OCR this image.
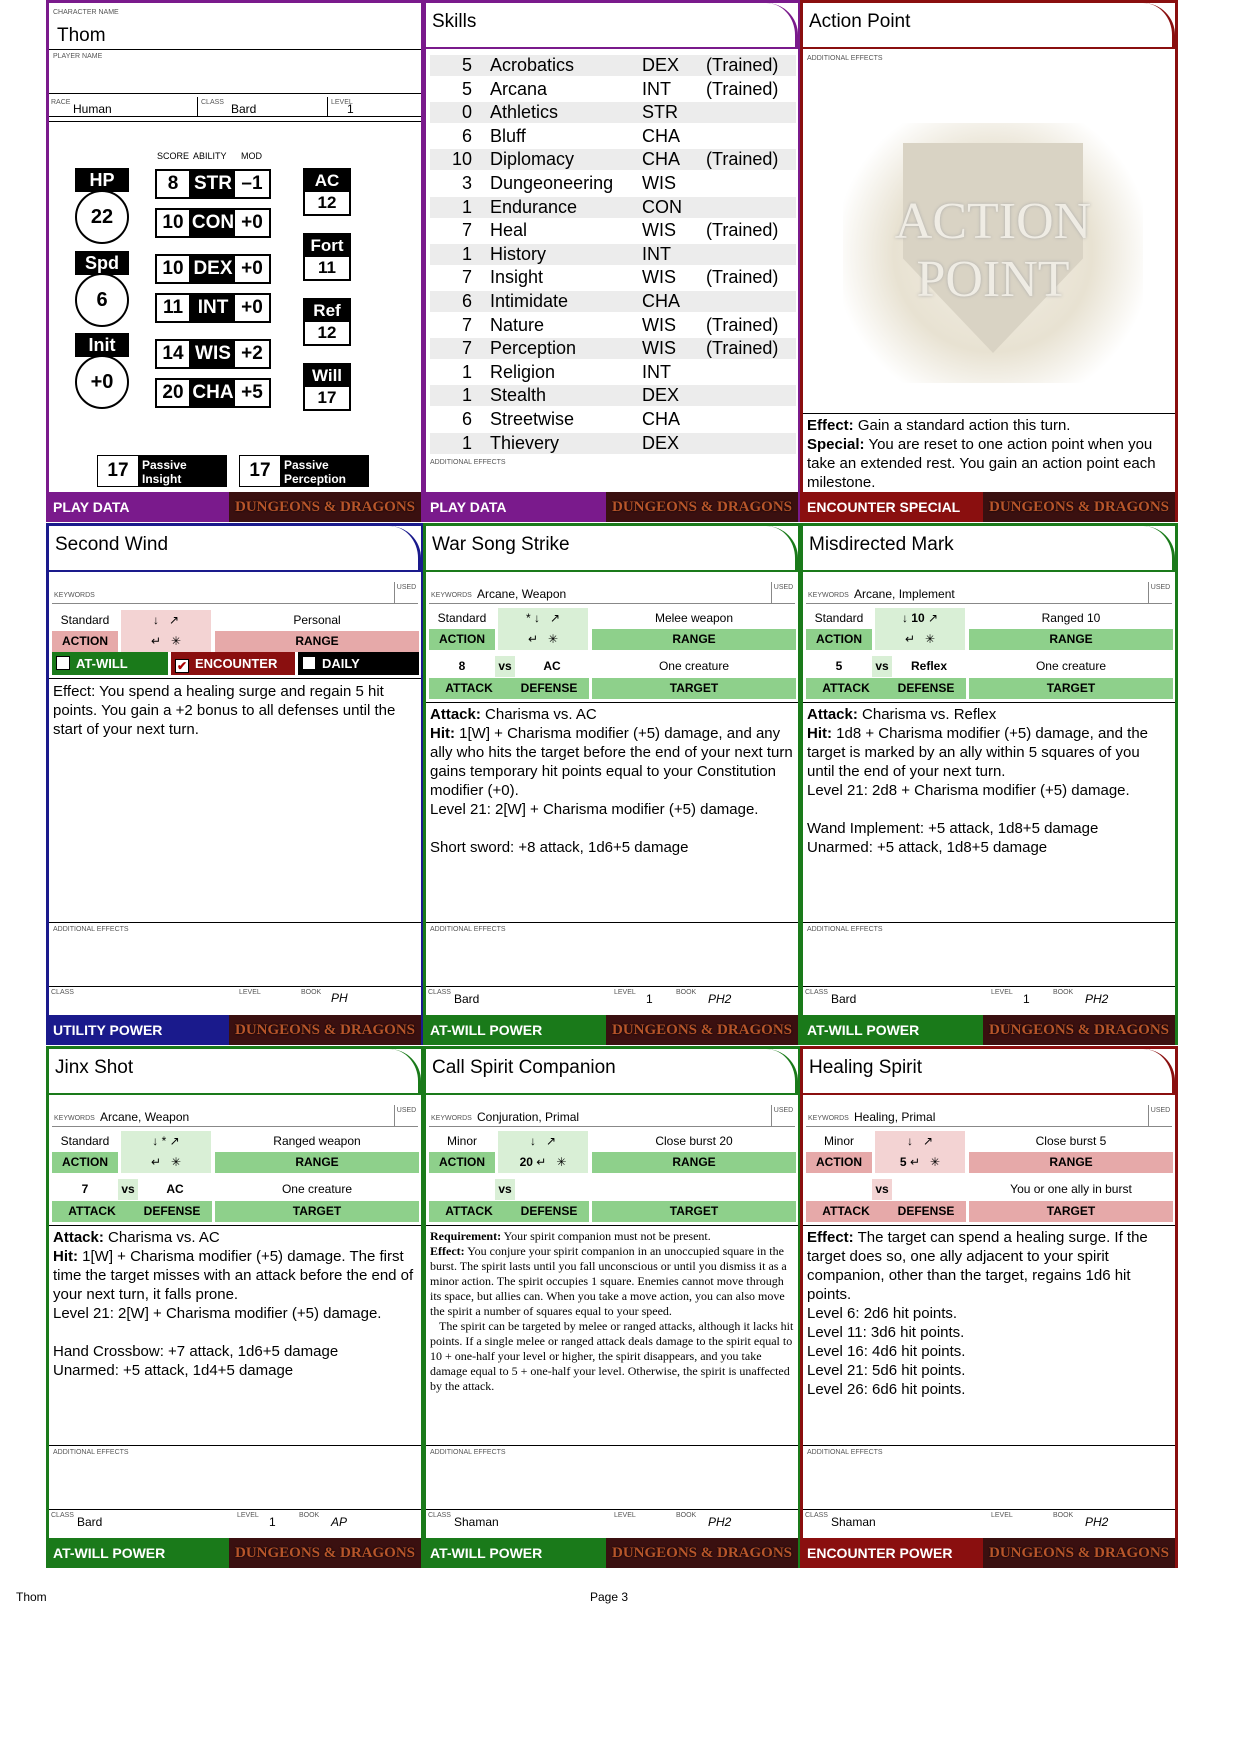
CHARACTER NAME
Thom
PLAYER NAME
RACE Human	CLASS Bard	LEVEL
1
SCORE ABILITY MOD
HP
22
Spd
6
Init
+0
8 STR –1
10 CON +0
10 DEX +0
11 INT +0
14 WIS +2
20 CHA +5
AC
12
Fort
11
Ref
12
Will
17
17	Passive Insight	17	Passive Perception
PLAY DATA	DUNGEONS & DRAGONS
Skills
5 Acrobatics	DEX (Trained)
5 Arcana	INT (Trained)
0 Athletics	STR
6 Bluff	CHA
10 Diplomacy	CHA (Trained)
3 Dungeoneering WIS
1 Endurance	CON
7 Heal	WIS (Trained)
1 History	INT
7 Insight	WIS (Trained)
6 Intimidate	CHA
7 Nature	WIS (Trained)
7 Perception	WIS (Trained)
1 Religion	INT
1 Stealth	DEX
6 Streetwise	CHA
1 Thievery	DEX
ADDITIONAL EFFECTS
PLAY DATA	DUNGEONS & DRAGONS
Action Point
ADDITIONAL EFFECTS
ACTION
POINT
Effect: Gain a standard action this turn.
Special: You are reset to one action point when you take an extended rest. You gain an action point each milestone.
ENCOUNTER SPECIAL	DUNGEONS & DRAGONS
Second Wind
KEYWORDS
USED
Standard
ACTION
↓   ↗
↵   ✳
Personal
RANGE
AT-WILL	✔ ENCOUNTER	DAILY
Effect: You spend a healing surge and regain 5 hit points. You gain a +2 bonus to all defenses until the start of your next turn.
ADDITIONAL EFFECTS
CLASS	LEVEL	BOOK PH
UTILITY POWER	DUNGEONS & DRAGONS
War Song Strike
KEYWORDS Arcane, Weapon	USED
Standard
ACTION
* ↓   ↗
↵   ✳
Melee weapon
RANGE
8	vs	AC	One creature
ATTACK	DEFENSE	TARGET
Attack: Charisma vs. AC
Hit: 1[W] + Charisma modifier (+5) damage, and any ally who hits the target before the end of your next turn gains temporary hit points equal to your Constitution modifier (+0).
Level 21: 2[W] + Charisma modifier (+5) damage.

Short sword: +8 attack, 1d6+5 damage
ADDITIONAL EFFECTS
CLASS Bard	LEVEL 1	BOOK PH2
AT-WILL POWER	DUNGEONS & DRAGONS
Misdirected Mark
KEYWORDS Arcane, Implement	USED
Standard
ACTION
↓ 10 ↗
↵   ✳
Ranged 10
RANGE
5	vs	Reflex	One creature
ATTACK	DEFENSE	TARGET
Attack: Charisma vs. Reflex
Hit: 1d8 + Charisma modifier (+5) damage, and the target is marked by an ally within 5 squares of you until the end of your next turn.
Level 21: 2d8 + Charisma modifier (+5) damage.

Wand Implement: +5 attack, 1d8+5 damage
Unarmed: +5 attack, 1d8+5 damage
ADDITIONAL EFFECTS
CLASS Bard	LEVEL 1	BOOK PH2
AT-WILL POWER	DUNGEONS & DRAGONS
Jinx Shot
KEYWORDS Arcane, Weapon	USED
Standard
ACTION
↓ * ↗
↵   ✳
Ranged weapon
RANGE
7	vs	AC	One creature
ATTACK	DEFENSE	TARGET
Attack: Charisma vs. AC
Hit: 1[W] + Charisma modifier (+5) damage. The first time the target misses with an attack before the end of your next turn, it falls prone.
Level 21: 2[W] + Charisma modifier (+5) damage.

Hand Crossbow: +7 attack, 1d6+5 damage
Unarmed: +5 attack, 1d4+5 damage
ADDITIONAL EFFECTS
CLASS Bard	LEVEL 1	BOOK AP
AT-WILL POWER	DUNGEONS & DRAGONS
Call Spirit Companion
KEYWORDS Conjuration, Primal	USED
Minor
ACTION
↓   ↗
20 ↵   ✳
Close burst 20
RANGE
vs
ATTACK	DEFENSE	TARGET
Requirement: Your spirit companion must not be present.
Effect: You conjure your spirit companion in an unoccupied square in the burst. The spirit lasts until you fall unconscious or until you dismiss it as a minor action. The spirit occupies 1 square. Enemies cannot move through its space, but allies can. When you take a move action, you can also move the spirit a number of squares equal to your speed.
The spirit can be targeted by melee or ranged attacks, although it lacks hit points. If a single melee or ranged attack deals damage to the spirit equal to 10 + one-half your level or higher, the spirit disappears, and you take damage equal to 5 + one-half your level. Otherwise, the spirit is unaffected by the attack.
ADDITIONAL EFFECTS
CLASS Shaman	LEVEL	BOOK PH2
AT-WILL POWER	DUNGEONS & DRAGONS
Healing Spirit
KEYWORDS Healing, Primal	USED
Minor
ACTION
↓   ↗
5 ↵   ✳
Close burst 5
RANGE
vs	You or one ally in burst
ATTACK	DEFENSE	TARGET
Effect: The target can spend a healing surge. If the target does so, one ally adjacent to your spirit companion, other than the target, regains 1d6 hit points.
Level 6: 2d6 hit points.
Level 11: 3d6 hit points.
Level 16: 4d6 hit points.
Level 21: 5d6 hit points.
Level 26: 6d6 hit points.
ADDITIONAL EFFECTS
CLASS Shaman	LEVEL	BOOK PH2
ENCOUNTER POWER	DUNGEONS & DRAGONS
Thom	Page 3
